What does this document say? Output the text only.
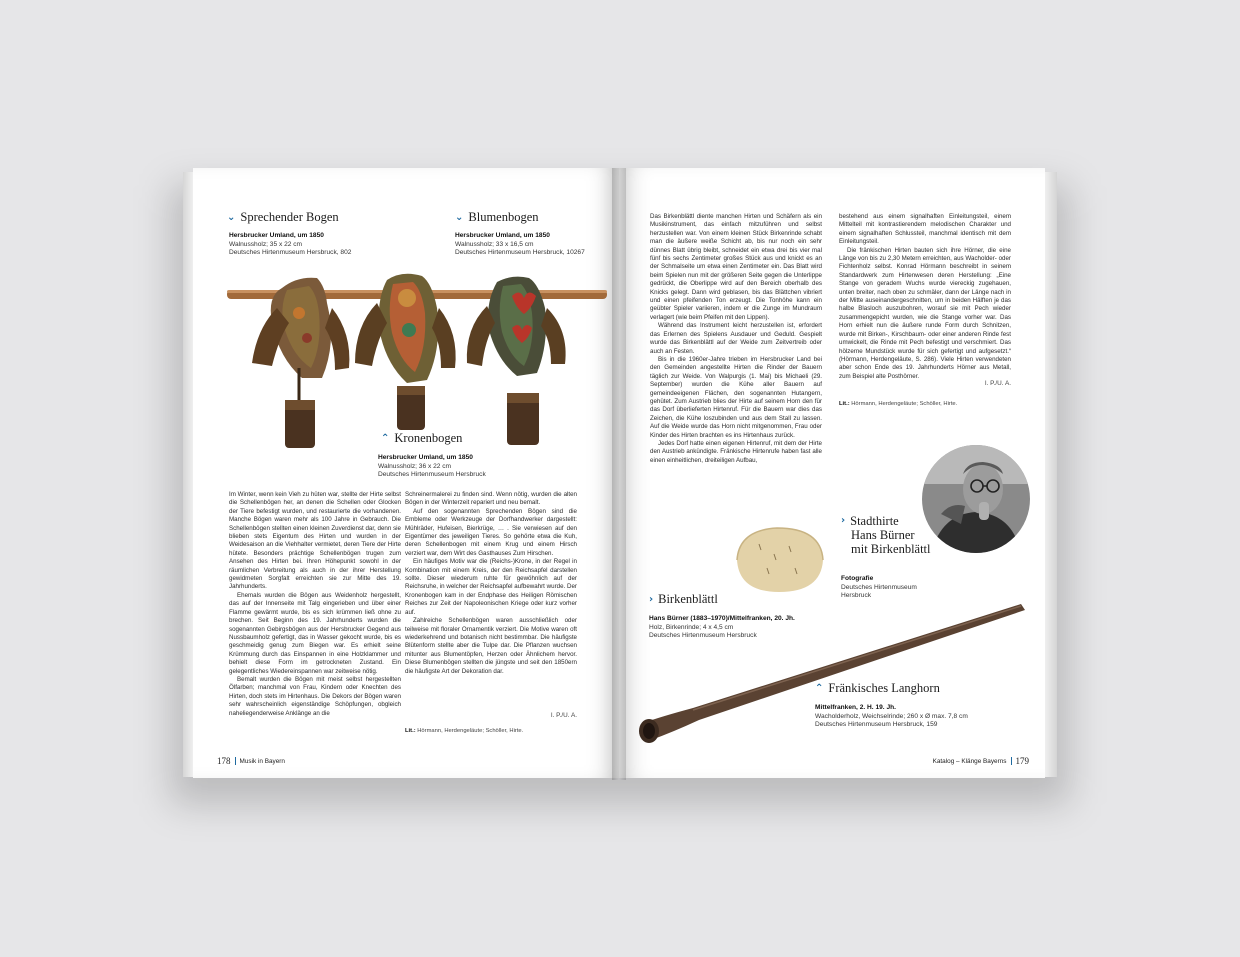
⌄ Sprechender Bogen
Hersbrucker Umland, um 1850
Walnussholz; 35 x 22 cm
Deutsches Hirtenmuseum Hersbruck, 802
⌄ Blumenbogen
Hersbrucker Umland, um 1850
Walnussholz; 33 x 16,5 cm
Deutsches Hirtenmuseum Hersbruck, 10267
⌃ Kronenbogen
Hersbrucker Umland, um 1850
Walnussholz; 36 x 22 cm
Deutsches Hirtenmuseum Hersbruck

Im Winter, wenn kein Vieh zu hüten war, stellte der Hirte selbst die Schellenbögen her, an denen die Schellen oder Glocken der Tiere befestigt wurden, und restaurierte die vorhandenen. Manche Bögen waren mehr als 100 Jahre in Gebrauch. Die Schellenbögen stellten einen kleinen Zuverdienst dar, denn sie blieben stets Eigentum des Hirten und wurden in der Weidesaison an die Viehhalter vermietet, deren Tiere der Hirte hütete. Besonders prächtige Schellenbögen trugen zum Ansehen des Hirten bei. Ihren Höhepunkt sowohl in der räumlichen Verbreitung als auch in der ihrer Herstellung gewidmeten Sorgfalt erreichten sie zur Mitte des 19. Jahrhunderts.

Ehemals wurden die Bögen aus Weidenholz hergestellt, das auf der Innenseite mit Talg eingerieben und über einer Flamme gewärmt wurde, bis es sich krümmen ließ ohne zu brechen. Seit Beginn des 19. Jahrhunderts wurden die sogenannten Gebirgsbögen aus der Hersbrucker Gegend aus Nussbaumholz gefertigt, das in Wasser gekocht wurde, bis es geschmeidig genug zum Biegen war. Es erhielt seine Krümmung durch das Einspannen in eine Holzklammer und behielt diese Form im getrockneten Zustand. Ein gelegentliches Wiedereinspannen war zeitweise nötig.

Bemalt wurden die Bögen mit meist selbst hergestellten Ölfarben; manchmal von Frau, Kindern oder Knechten des Hirten, doch stets im Hirtenhaus. Die Dekors der Bögen waren sehr wahrscheinlich eigenständige Schöpfungen, obgleich naheliegenderweise Anklänge an die

Schreinermalerei zu finden sind. Wenn nötig, wurden die alten Bögen in der Winterzeit repariert und neu bemalt.

Auf den sogenannten Sprechenden Bögen sind die Embleme oder Werkzeuge der Dorfhandwerker dargestellt: Mühlräder, Hufeisen, Bierkrüge, … . Sie verwiesen auf den Eigentümer des jeweiligen Tieres. So gehörte etwa die Kuh, deren Schellenbogen mit einem Krug und einem Hirsch verziert war, dem Wirt des Gasthauses Zum Hirschen.

Ein häufiges Motiv war die (Reichs-)Krone, in der Regel in Kombination mit einem Kreis, der den Reichsapfel darstellen sollte. Dieser wiederum ruhte für gewöhnlich auf der Reichsruhe, in welcher der Reichsapfel aufbewahrt wurde. Der Kronenbogen kam in der Endphase des Heiligen Römischen Reiches zur Zeit der Napoleonischen Kriege oder kurz vorher auf.

Zahlreiche Schellenbögen waren ausschließlich oder teilweise mit floraler Ornamentik verziert. Die Motive waren oft wiederkehrend und botanisch nicht bestimmbar. Die häufigste Blütenform stellte aber die Tulpe dar. Die Pflanzen wuchsen mitunter aus Blumentöpfen, Herzen oder Ähnlichem hervor. Diese Blumenbögen stellten die jüngste und seit den 1850ern die häufigste Art der Dekoration dar.

I. P./U. A.
Lit.: Hörmann, Herdengeläute; Schöller, Hirte.
178 Musik in Bayern

Das Birkenblättl diente manchen Hirten und Schäfern als ein Musikinstrument, das einfach mitzuführen und selbst herzustellen war. Von einem kleinen Stück Birkenrinde schabt man die äußere weiße Schicht ab, bis nur noch ein sehr dünnes Blatt übrig bleibt, schneidet ein etwa drei bis vier mal fünf bis sechs Zentimeter großes Stück aus und knickt es an der Schmalseite um etwa einen Zentimeter ein. Das Blatt wird beim Spielen nun mit der größeren Seite gegen die Unterlippe gedrückt, die Oberlippe wird auf den Bereich oberhalb des Knicks gelegt. Dann wird geblasen, bis das Blättchen vibriert und einen pfeifenden Ton erzeugt. Die Tonhöhe kann ein geübter Spieler variieren, indem er die Zunge im Mundraum verlagert (wie beim Pfeifen mit den Lippen).

Während das Instrument leicht herzustellen ist, erfordert das Erlernen des Spielens Ausdauer und Geduld. Gespielt wurde das Birkenblättl auf der Weide zum Zeitvertreib oder auch an Festen.

Bis in die 1960er-Jahre trieben im Hersbrucker Land bei den Gemeinden angestellte Hirten die Rinder der Bauern täglich zur Weide. Von Walpurgis (1. Mai) bis Michaeli (29. September) wurden die Kühe aller Bauern auf gemeindeeigenen Flächen, den sogenannten Hutangern, gehütet. Zum Austrieb blies der Hirte auf seinem Horn den für das Dorf überlieferten Hirtenruf. Für die Bauern war dies das Zeichen, die Kühe loszubinden und aus dem Stall zu lassen. Auf die Weide wurde das Horn nicht mitgenommen, Frau oder Kinder des Hirten brachten es ins Hirtenhaus zurück.

Jedes Dorf hatte einen eigenen Hirtenruf, mit dem der Hirte den Austrieb ankündigte. Fränkische Hirtenrufe haben fast alle einen einheitlichen, dreiteiligen Aufbau,

bestehend aus einem signalhaften Einleitungsteil, einem Mittelteil mit kontrastierendem melodischen Charakter und einem signalhaften Schlussteil, manchmal identisch mit dem Einleitungsteil.

Die fränkischen Hirten bauten sich ihre Hörner, die eine Länge von bis zu 2,30 Metern erreichten, aus Wacholder- oder Fichtenholz selbst. Konrad Hörmann beschreibt in seinem Standardwerk zum Hirtenwesen deren Herstellung: „Eine Stange von geradem Wuchs wurde viereckig zugehauen, unten breiter, nach oben zu schmäler, dann der Länge nach in der Mitte auseinandergeschnitten, um in beiden Hälften je das halbe Blasloch auszubohren, worauf sie mit Pech wieder zusammengepicht wurden, wie die Stange vorher war. Das Horn erhielt nun die äußere runde Form durch Schnitzen, wurde mit Birken-, Kirschbaum- oder einer anderen Rinde fest umwickelt, die Rinde mit Pech befestigt und verschmiert. Das hölzerne Mundstück wurde für sich gefertigt und aufgesetzt.“ (Hörmann, Herdengeläute, S. 286). Viele Hirten verwendeten aber schon Ende des 19. Jahrhunderts Hörner aus Metall, zum Beispiel alte Posthörner.

I. P./U. A.
Lit.: Hörmann, Herdengeläute; Schöller, Hirte.
› Stadthirte
Hans Bürner
mit Birkenblättl
Fotografie
Deutsches Hirtenmuseum
Hersbruck
› Birkenblättl
Hans Bürner (1883–1970)/Mittelfranken, 20. Jh.
Holz, Birkenrinde; 4 x 4,5 cm
Deutsches Hirtenmuseum Hersbruck
⌃ Fränkisches Langhorn
Mittelfranken, 2. H. 19. Jh.
Wacholderholz, Weichselrinde; 260 x Ø max. 7,8 cm
Deutsches Hirtenmuseum Hersbruck, 159
Katalog – Klänge Bayerns 179
